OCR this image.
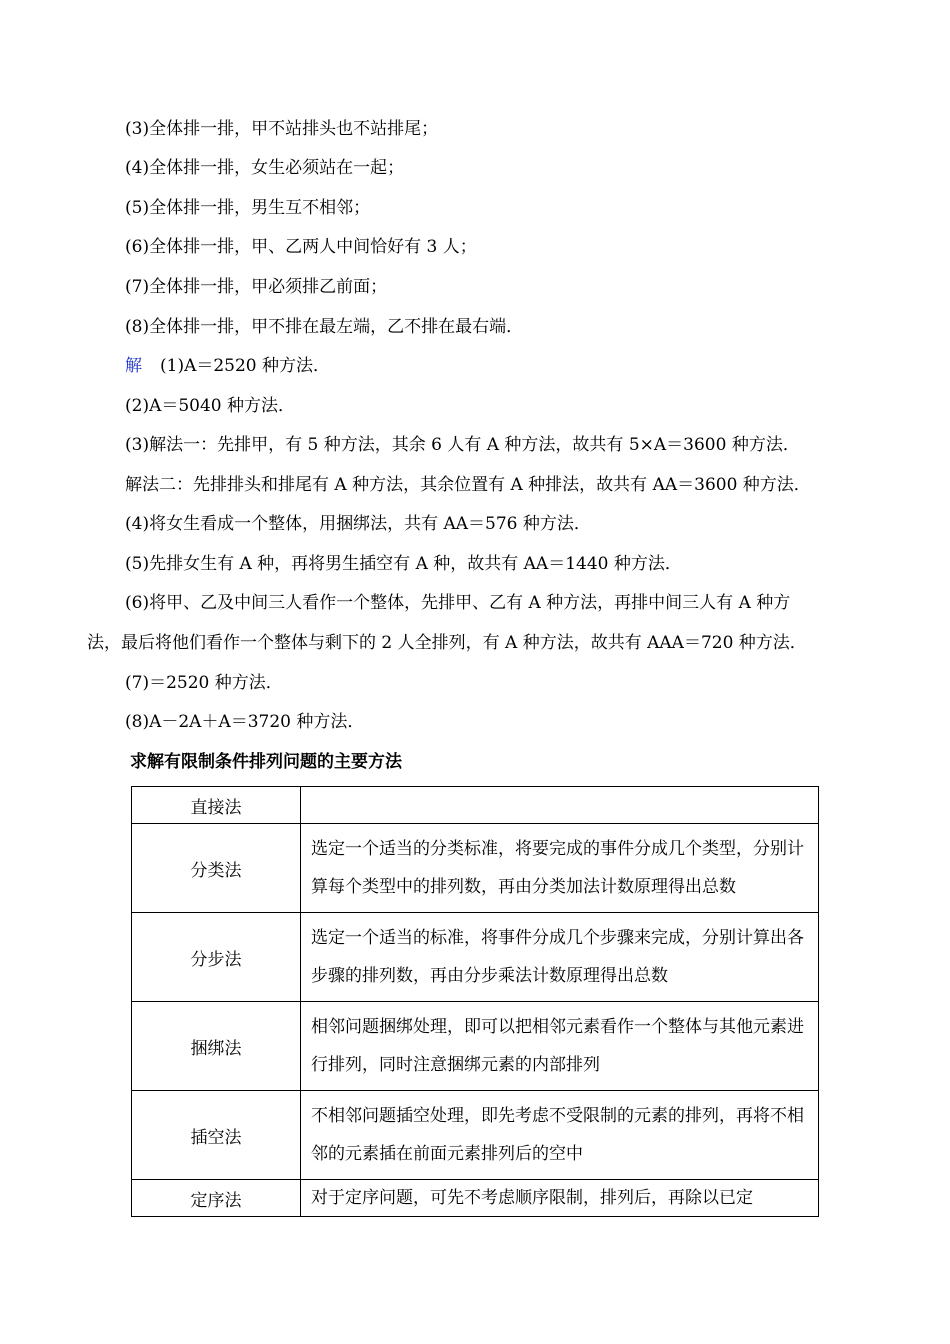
(3)全体排一排，甲不站排头也不站排尾；
(4)全体排一排，女生必须站在一起；
(5)全体排一排，男生互不相邻；
(6)全体排一排，甲、乙两人中间恰好有 3 人；
(7)全体排一排，甲必须排乙前面；
(8)全体排一排，甲不排在最左端，乙不排在最右端．
解 (1)A＝2520 种方法．
(2)A＝5040 种方法．
(3)解法一：先排甲，有 5 种方法，其余 6 人有 A 种方法，故共有 5×A＝3600 种方法．
解法二：先排排头和排尾有 A 种方法，其余位置有 A 种排法，故共有 AA＝3600 种方法．
(4)将女生看成一个整体，用捆绑法，共有 AA＝576 种方法．
(5)先排女生有 A 种，再将男生插空有 A 种，故共有 AA＝1440 种方法．
(6)将甲、乙及中间三人看作一个整体，先排甲、乙有 A 种方法，再排中间三人有 A 种方
法，最后将他们看作一个整体与剩下的 2 人全排列，有 A 种方法，故共有 AAA＝720 种方法．
(7)＝2520 种方法．
(8)A－2A＋A＝3720 种方法．
求解有限制条件排列问题的主要方法
直接法	
分类法	选定一个适当的分类标准，将要完成的事件分成几个类型，分别计算每个类型中的排列数，再由分类加法计数原理得出总数
分步法	选定一个适当的标准，将事件分成几个步骤来完成，分别计算出各步骤的排列数，再由分步乘法计数原理得出总数
捆绑法	相邻问题捆绑处理，即可以把相邻元素看作一个整体与其他元素进行排列，同时注意捆绑元素的内部排列
插空法	不相邻问题插空处理，即先考虑不受限制的元素的排列，再将不相邻的元素插在前面元素排列后的空中
定序法	对于定序问题，可先不考虑顺序限制，排列后，再除以已定
